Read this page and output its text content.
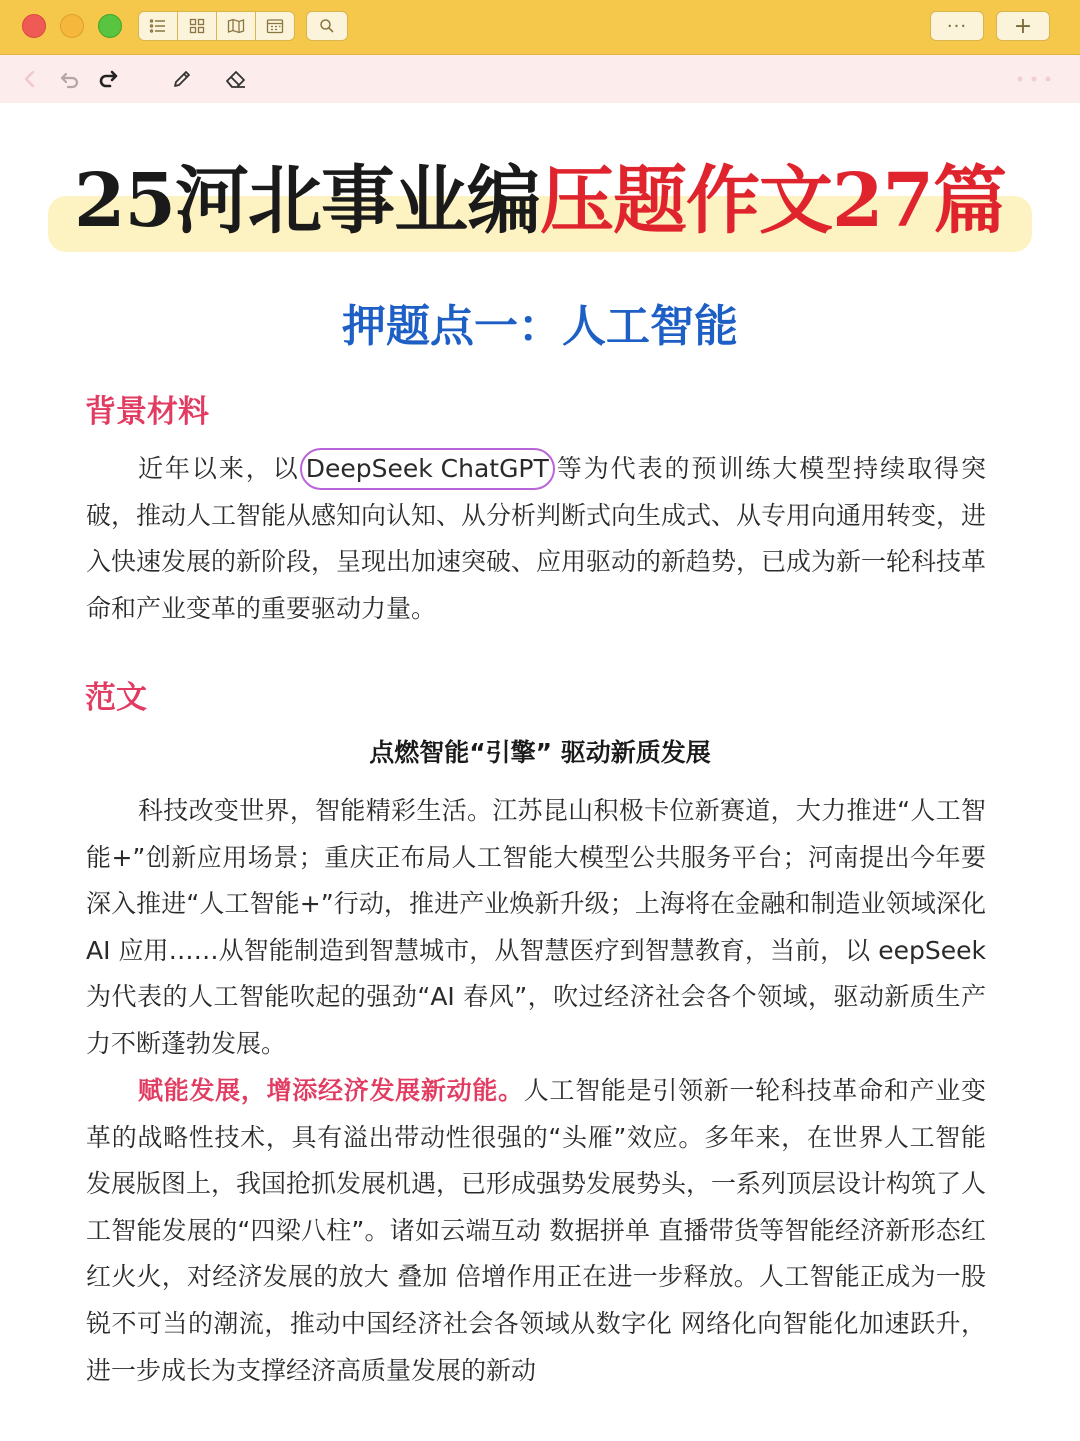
···	+
25河北事业编压题作文27篇
押题点一：人工智能
背景材料
近年以来，以 DeepSeek ChatGPT 等为代表的预训练大模型持续取得突破，推动人工智能从感知向认知、从分析判断式向生成式、从专用向通用转变，进入快速发展的新阶段，呈现出加速突破、应用驱动的新趋势，已成为新一轮科技革命和产业变革的重要驱动力量。
范文
点燃智能“引擎” 驱动新质发展
科技改变世界，智能精彩生活。江苏昆山积极卡位新赛道，大力推进“人工智能+”创新应用场景；重庆正布局人工智能大模型公共服务平台；河南提出今年要深入推进“人工智能+”行动，推进产业焕新升级；上海将在金融和制造业领域深化 AI 应用……从智能制造到智慧城市，从智慧医疗到智慧教育，当前，以 eepSeek 为代表的人工智能吹起的强劲“AI 春风”，吹过经济社会各个领域，驱动新质生产力不断蓬勃发展。
赋能发展，增添经济发展新动能。人工智能是引领新一轮科技革命和产业变革的战略性技术，具有溢出带动性很强的“头雁”效应。多年来，在世界人工智能发展版图上，我国抢抓发展机遇，已形成强势发展势头，一系列顶层设计构筑了人工智能发展的“四梁八柱”。诸如云端互动 数据拼单 直播带货等智能经济新形态红红火火，对经济发展的放大 叠加 倍增作用正在进一步释放。人工智能正成为一股锐不可当的潮流，推动中国经济社会各领域从数字化 网络化向智能化加速跃升，进一步成长为支撑经济高质量发展的新动
